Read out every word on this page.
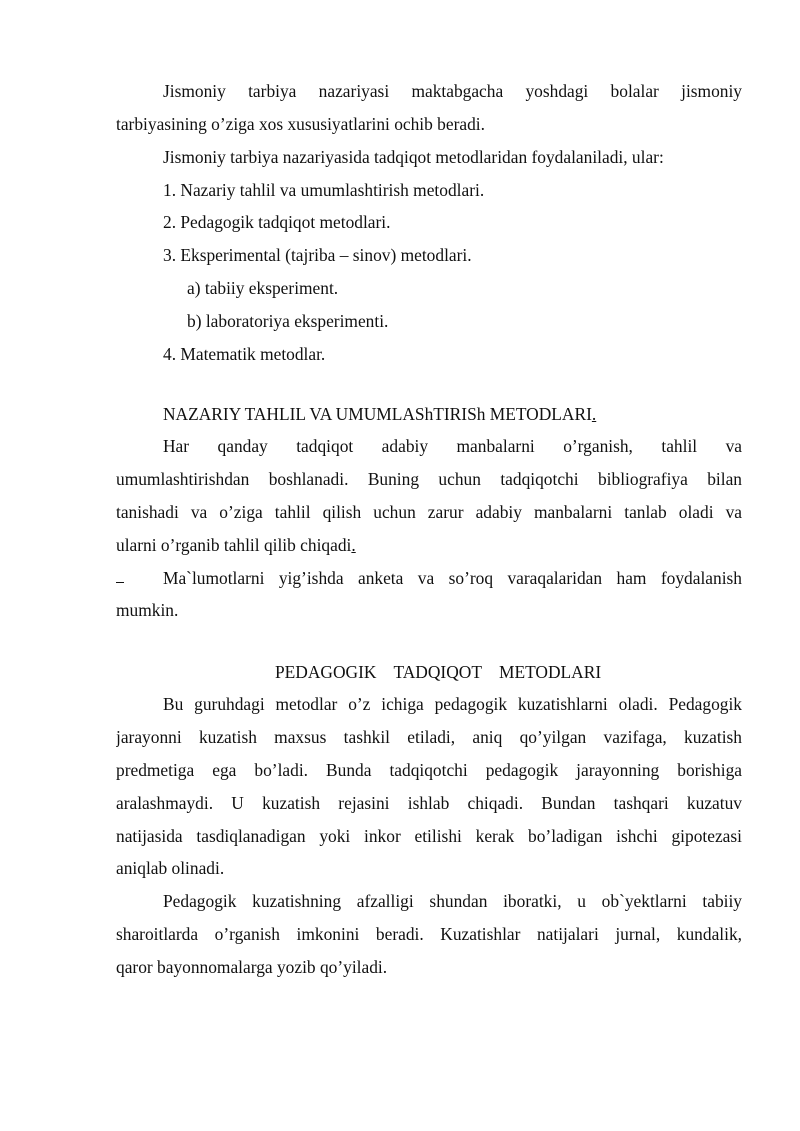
Jismoniy tarbiya nazariyasi maktabgacha yoshdagi bolalar jismoniy
tarbiyasining o’ziga xos xususiyatlarini ochib beradi.
Jismoniy tarbiya nazariyasida tadqiqot metodlaridan foydalaniladi, ular:
1. Nazariy tahlil va umumlashtirish metodlari.
2. Pedagogik tadqiqot metodlari.
3. Eksperimental (tajriba – sinov) metodlari.
a) tabiiy eksperiment.
b) laboratoriya eksperimenti.
4. Matematik metodlar.
NAZARIY TAHLIL VA UMUMLAShTIRISh METODLARI.
Har qanday tadqiqot adabiy manbalarni o’rganish, tahlil va
umumlashtirishdan boshlanadi. Buning uchun tadqiqotchi bibliografiya bilan
tanishadi va o’ziga tahlil qilish uchun zarur adabiy manbalarni tanlab oladi va
ularni o’rganib tahlil qilib chiqadi.
Ma`lumotlarni yig’ishda anketa va so’roq varaqalaridan ham foydalanish
mumkin.
PEDAGOGIK    TADQIQOT    METODLARI
Bu guruhdagi metodlar o’z ichiga pedagogik kuzatishlarni oladi. Pedagogik
jarayonni kuzatish maxsus tashkil etiladi, aniq qo’yilgan vazifaga, kuzatish
predmetiga ega bo’ladi. Bunda tadqiqotchi pedagogik jarayonning borishiga
aralashmaydi. U kuzatish rejasini ishlab chiqadi. Bundan tashqari kuzatuv
natijasida tasdiqlanadigan yoki inkor etilishi kerak bo’ladigan ishchi gipotezasi
aniqlab olinadi.
Pedagogik kuzatishning afzalligi shundan iboratki, u ob`yektlarni tabiiy
sharoitlarda o’rganish imkonini beradi. Kuzatishlar natijalari jurnal, kundalik,
qaror bayonnomalarga yozib qo’yiladi.
